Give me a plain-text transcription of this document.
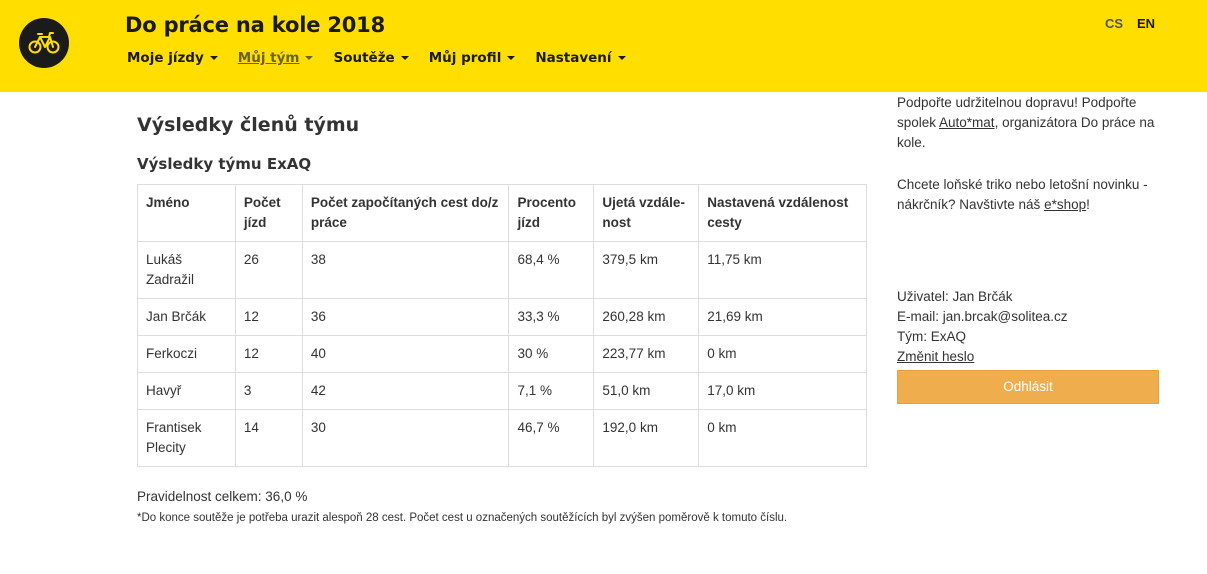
Do práce na kole 2018
Moje jízdy	Můj tým	Soutěže	Můj profil	Nastavení
CS EN
Výsledky členů týmu
Výsledky týmu ExAQ
Jméno	Počet jízd	Počet započítaných cest do/z práce	Procento jízd	Ujetá vzdále-nost	Nastavená vzdálenost cesty
Lukáš Zadražil	26	38	68,4 %	379,5 km	11,75 km
Jan Brčák	12	36	33,3 %	260,28 km	21,69 km
Ferkoczi	12	40	30 %	223,77 km	0 km
Havyř	3	42	7,1 %	51,0 km	17,0 km
Frantisek Plecity	14	30	46,7 %	192,0 km	0 km
Pravidelnost celkem: 36,0 %
*Do konce soutěže je potřeba urazit alespoň 28 cest. Počet cest u označených soutěžících byl zvýšen poměrově k tomuto číslu.
Podpořte udržitelnou dopravu! Podpořte spolek Auto*mat, organizátora Do práce na kole.
Chcete loňské triko nebo letošní novinku - nákrčník? Navštivte náš e*shop!
Uživatel: Jan Brčák
E-mail: jan.brcak@solitea.cz
Tým: ExAQ
Změnit heslo
Odhlásit
